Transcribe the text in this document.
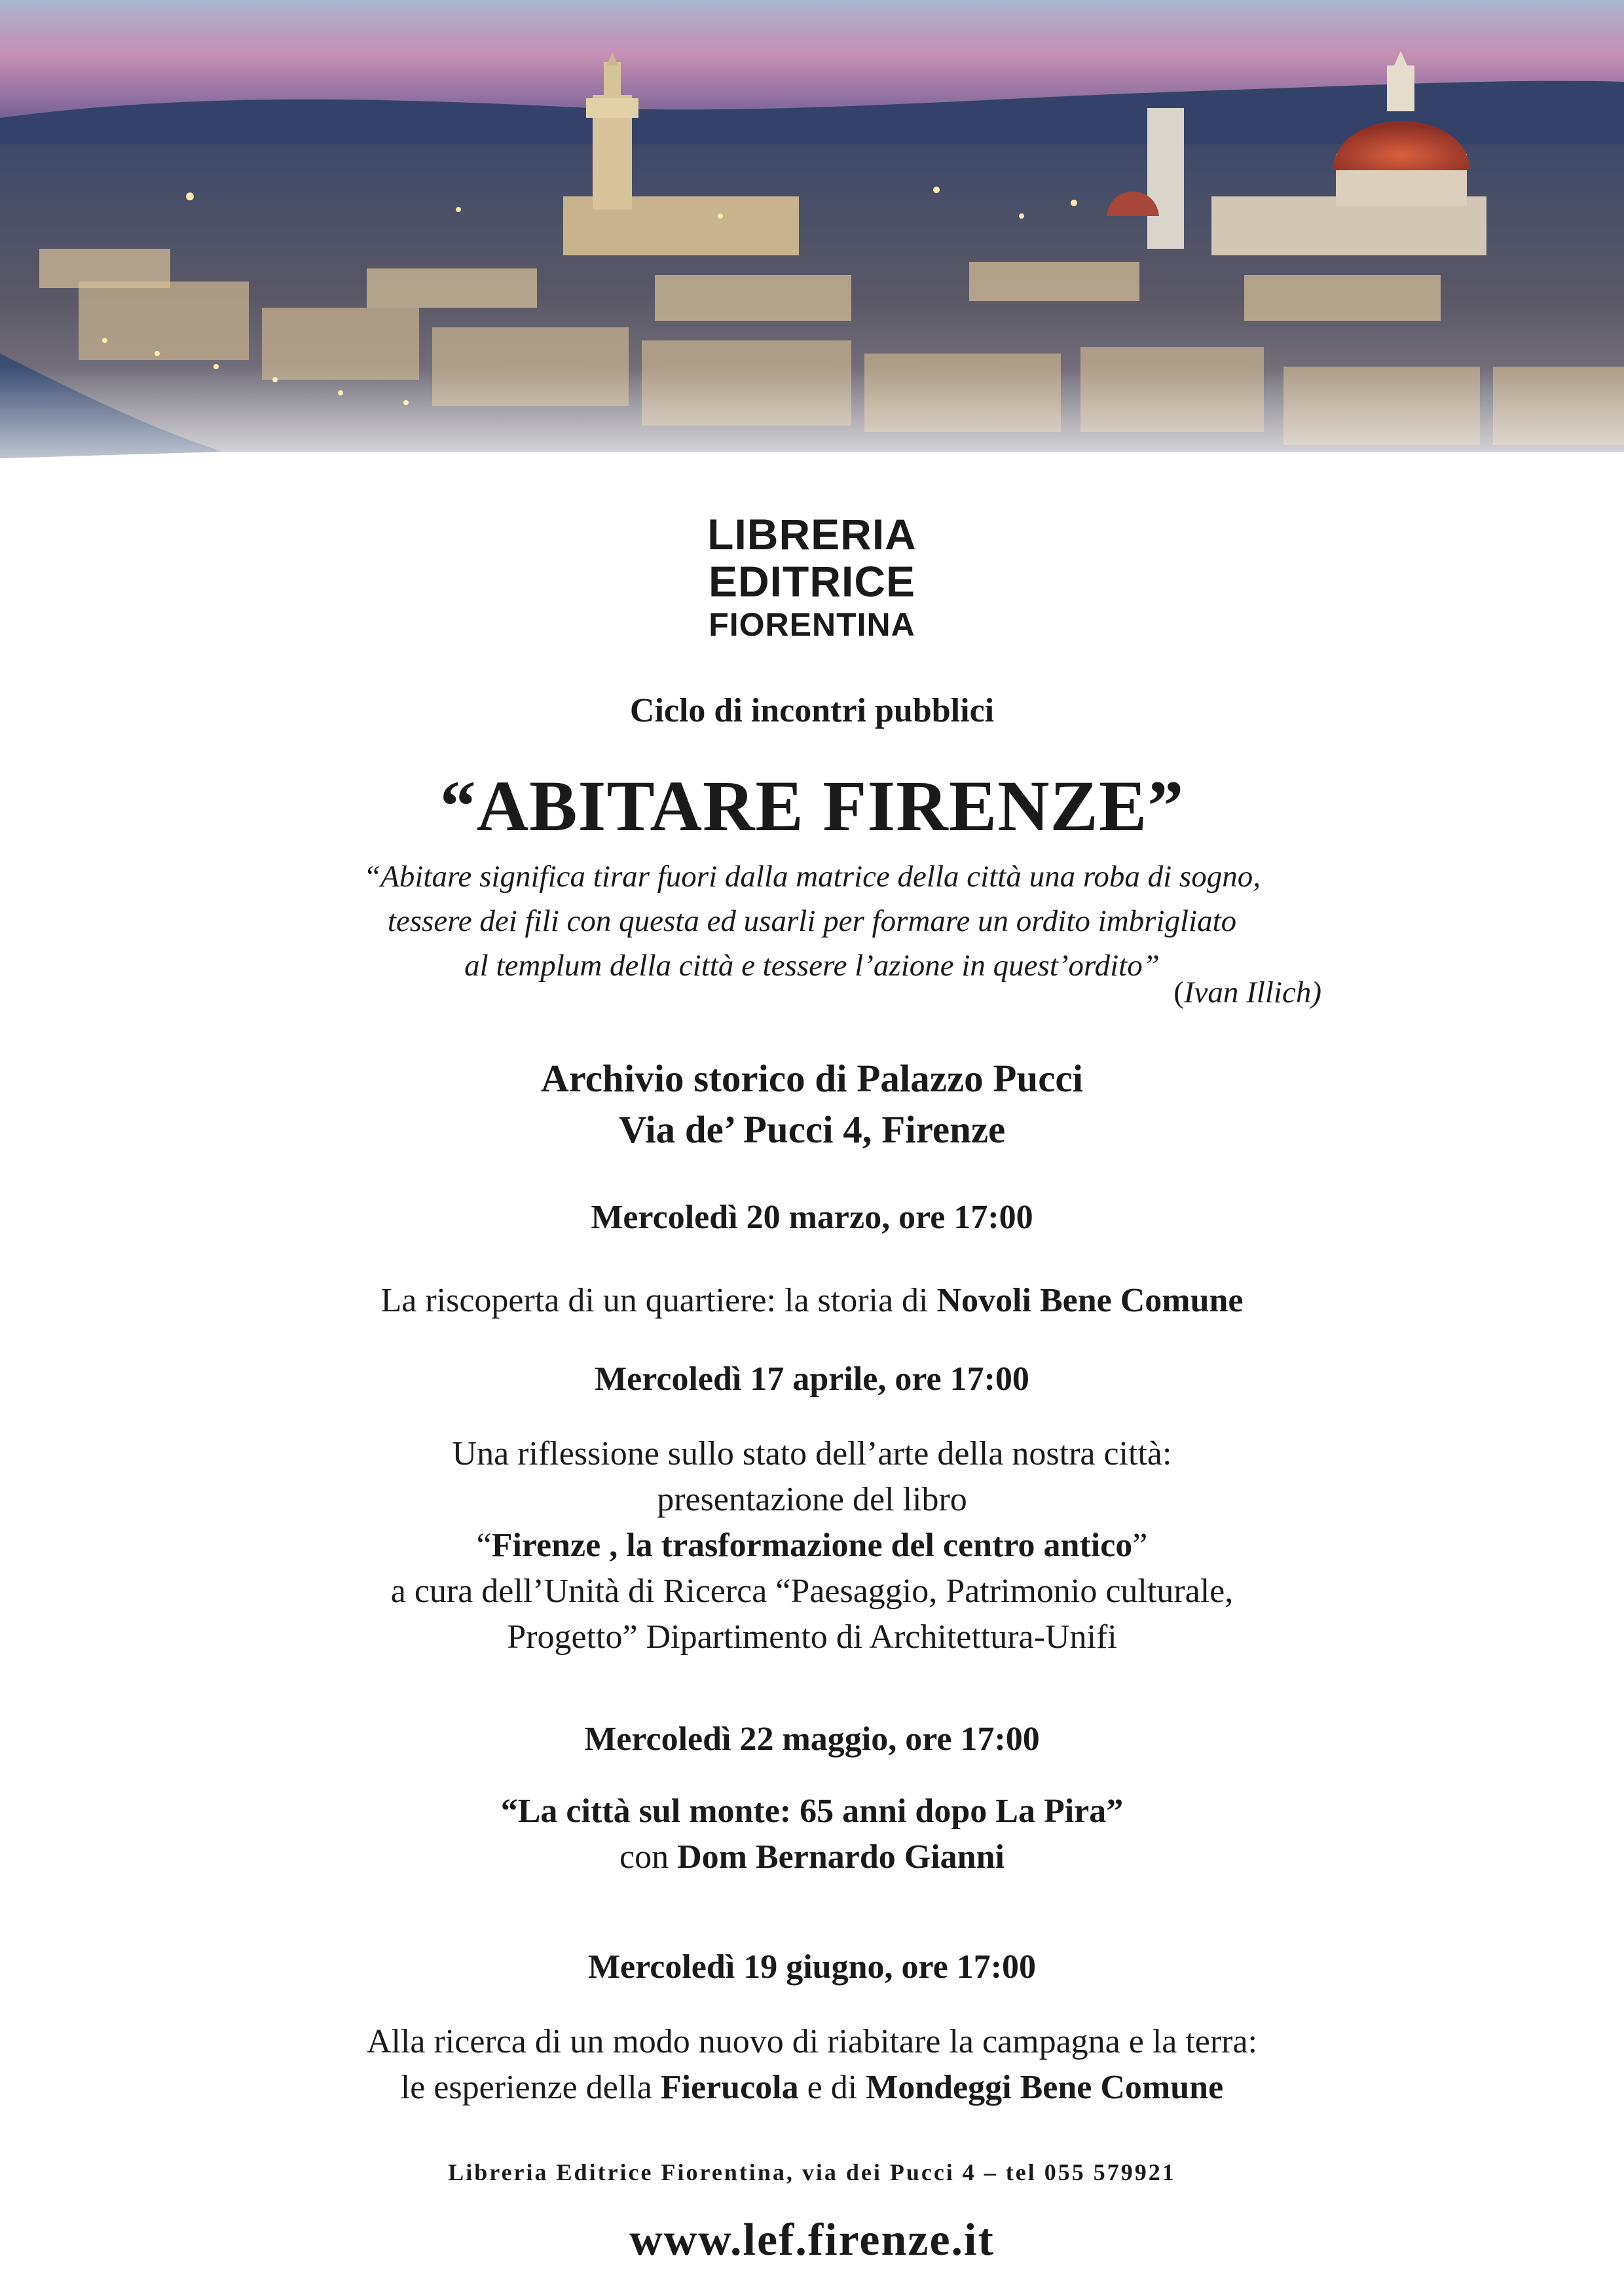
LIBRERIA
EDITRICE
FIORENTINA
Ciclo di incontri pubblici
“ABITARE FIRENZE”
“Abitare significa tirar fuori dalla matrice della città una roba di sogno,
tessere dei fili con questa ed usarli per formare un ordito imbrigliato
al templum della città e tessere l’azione in quest’ordito”
(Ivan Illich)
Archivio storico di Palazzo Pucci
Via de’ Pucci 4, Firenze
Mercoledì 20 marzo, ore 17:00
La riscoperta di un quartiere: la storia di Novoli Bene Comune
Mercoledì 17 aprile, ore 17:00
Una riflessione sullo stato dell’arte della nostra città:
presentazione del libro
“Firenze , la trasformazione del centro antico”
a cura dell’Unità di Ricerca “Paesaggio, Patrimonio culturale,
Progetto” Dipartimento di Architettura-Unifi
Mercoledì 22 maggio, ore 17:00
“La città sul monte: 65 anni dopo La Pira”
con Dom Bernardo Gianni
Mercoledì 19 giugno, ore 17:00
Alla ricerca di un modo nuovo di riabitare la campagna e la terra:
le esperienze della Fierucola e di Mondeggi Bene Comune
Libreria Editrice Fiorentina, via dei Pucci 4 – tel 055 579921
www.lef.firenze.it
